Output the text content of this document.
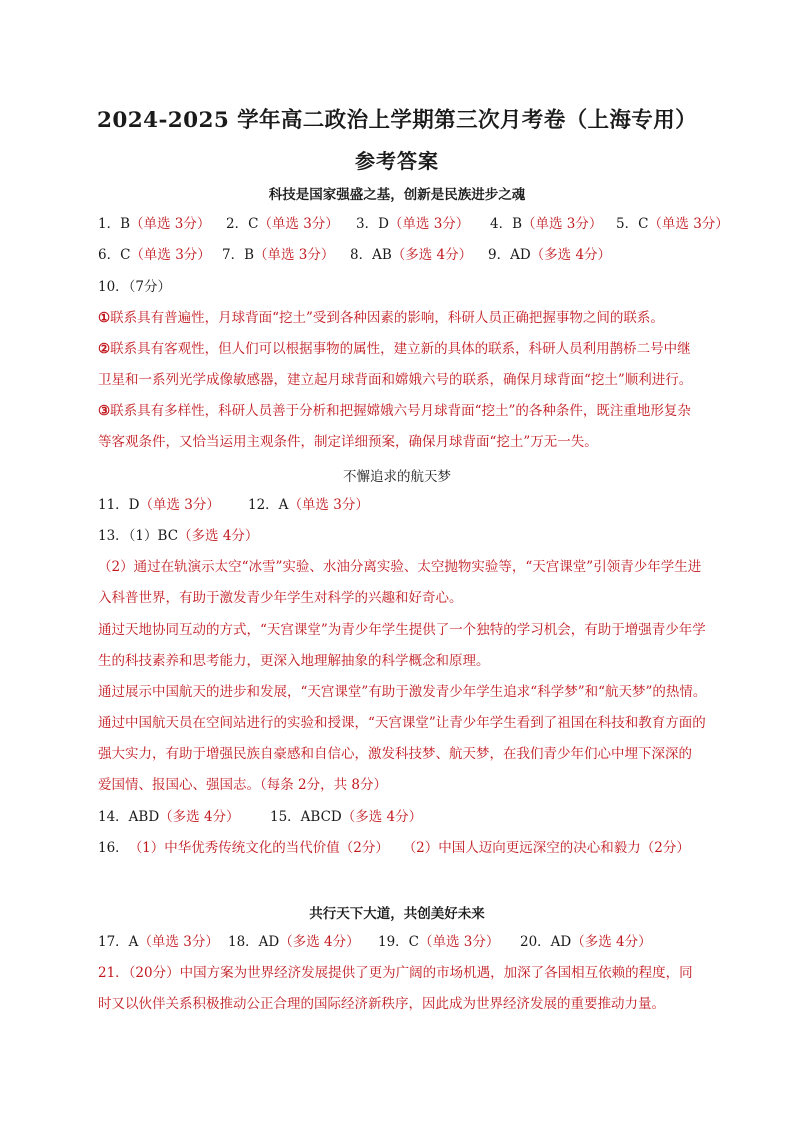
2024-2025 学年高二政治上学期第三次月考卷（上海专用）
参考答案
科技是国家强盛之基，创新是民族进步之魂
1．B（单选 3分） 2．C（单选 3分） 3．D（单选 3分） 4．B（单选 3分） 5．C（单选 3分）
6．C（单选 3分） 7．B（单选 3分） 8．AB（多选 4分） 9．AD（多选 4分）
10．（7分）
①联系具有普遍性，月球背面“挖土”受到各种因素的影响，科研人员正确把握事物之间的联系。
②联系具有客观性，但人们可以根据事物的属性，建立新的具体的联系，科研人员利用鹊桥二号中继
卫星和一系列光学成像敏感器，建立起月球背面和嫦娥六号的联系，确保月球背面“挖土”顺利进行。
③联系具有多样性，科研人员善于分析和把握嫦娥六号月球背面“挖土”的各种条件，既注重地形复杂
等客观条件，又恰当运用主观条件，制定详细预案，确保月球背面“挖土”万无一失。
不懈追求的航天梦
11．D（单选 3分） 12．A（单选 3分）
13．（1）BC（多选 4分）
（2）通过在轨演示太空“冰雪”实验、水油分离实验、太空抛物实验等，“天宫课堂”引领青少年学生进
入科普世界，有助于激发青少年学生对科学的兴趣和好奇心。
通过天地协同互动的方式，“天宫课堂”为青少年学生提供了一个独特的学习机会，有助于增强青少年学
生的科技素养和思考能力，更深入地理解抽象的科学概念和原理。
通过展示中国航天的进步和发展，“天宫课堂”有助于激发青少年学生追求“科学梦”和“航天梦”的热情。
通过中国航天员在空间站进行的实验和授课，“天宫课堂”让青少年学生看到了祖国在科技和教育方面的
强大实力，有助于增强民族自豪感和自信心，激发科技梦、航天梦，在我们青少年们心中埋下深深的
爱国情、报国心、强国志。（每条 2分，共 8分）
14．ABD（多选 4分） 15．ABCD（多选 4分）
16．（1）中华优秀传统文化的当代价值（2分） （2）中国人迈向更远深空的决心和毅力（2分）
共行天下大道，共创美好未来
17．A（单选 3分） 18．AD（多选 4分） 19．C（单选 3分） 20．AD（多选 4分）
21．（20分）中国方案为世界经济发展提供了更为广阔的市场机遇，加深了各国相互依赖的程度，同
时又以伙伴关系积极推动公正合理的国际经济新秩序，因此成为世界经济发展的重要推动力量。
